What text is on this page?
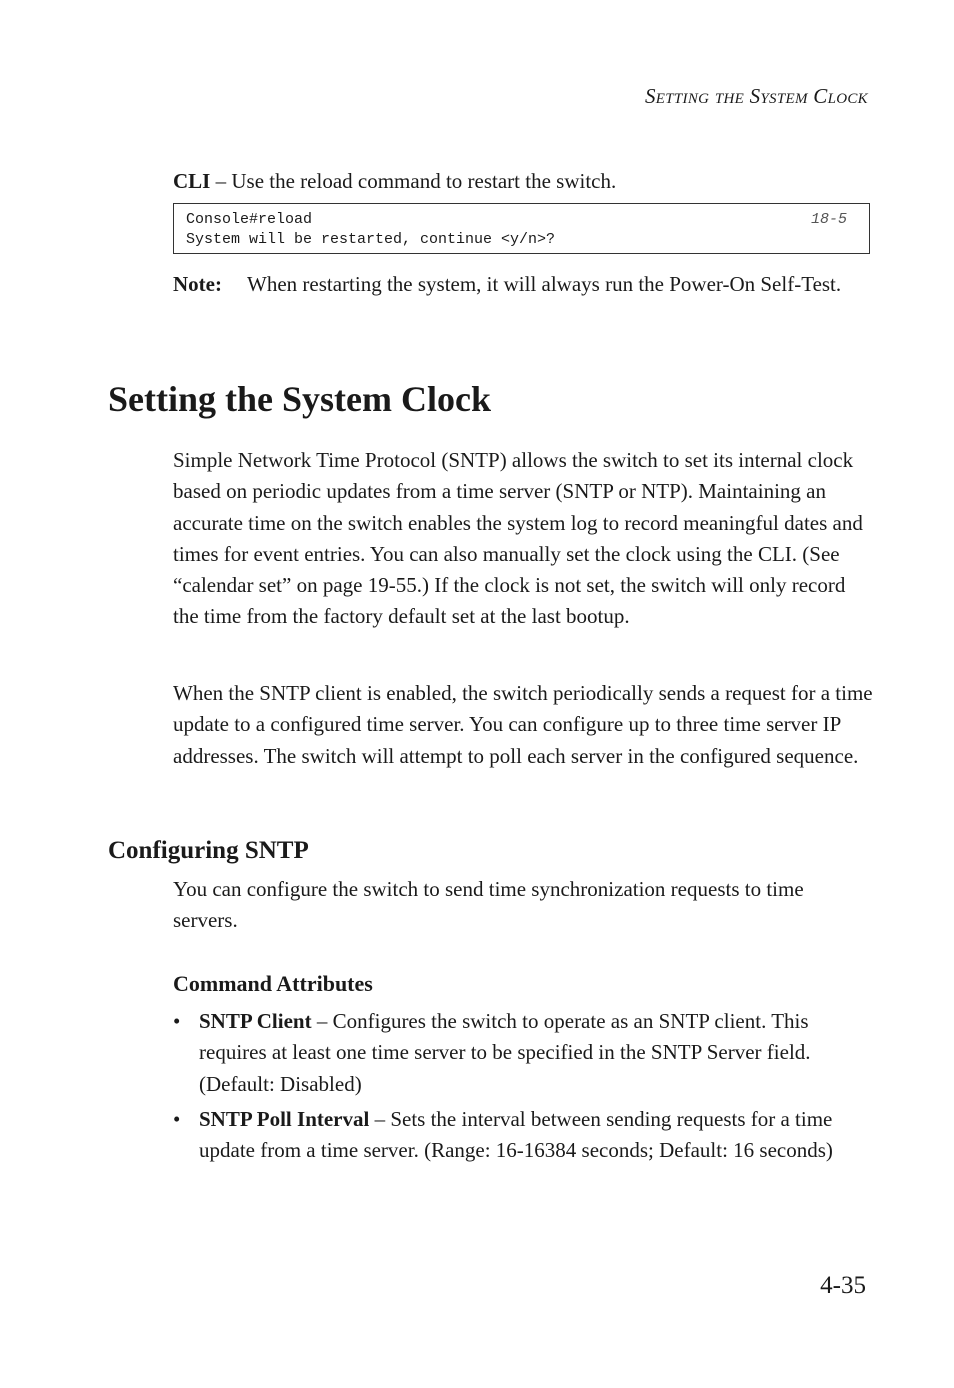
Setting the System Clock
CLI – Use the reload command to restart the switch.
Console#reload	18-5
System will be restarted, continue <y/n>?
Note: When restarting the system, it will always run the Power-On Self-Test.
Setting the System Clock

Simple Network Time Protocol (SNTP) allows the switch to set its internal clock based on periodic updates from a time server (SNTP or NTP). Maintaining an accurate time on the switch enables the system log to record meaningful dates and times for event entries. You can also manually set the clock using the CLI. (See “calendar set” on page 19-55.) If the clock is not set, the switch will only record the time from the factory default set at the last bootup.

When the SNTP client is enabled, the switch periodically sends a request for a time update to a configured time server. You can configure up to three time server IP addresses. The switch will attempt to poll each server in the configured sequence.

Configuring SNTP

You can configure the switch to send time synchronization requests to time servers.

Command Attributes
• SNTP Client – Configures the switch to operate as an SNTP client. This requires at least one time server to be specified in the SNTP Server field. (Default: Disabled)
• SNTP Poll Interval – Sets the interval between sending requests for a time update from a time server. (Range: 16-16384 seconds; Default: 16 seconds)
4-35
